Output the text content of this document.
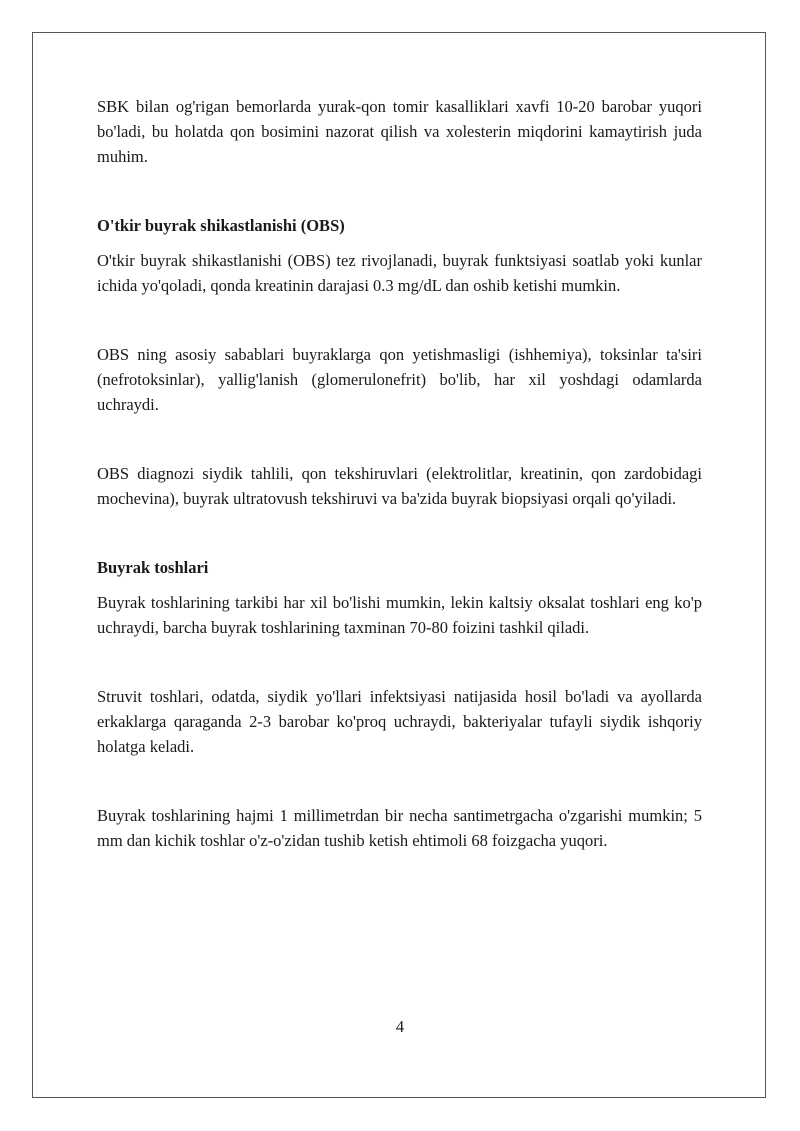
SBK bilan og'rigan bemorlarda yurak-qon tomir kasalliklari xavfi 10-20 barobar yuqori bo'ladi, bu holatda qon bosimini nazorat qilish va xolesterin miqdorini kamaytirish juda muhim.

O'tkir buyrak shikastlanishi (OBS)

O'tkir buyrak shikastlanishi (OBS) tez rivojlanadi, buyrak funktsiyasi soatlab yoki kunlar ichida yo'qoladi, qonda kreatinin darajasi 0.3 mg/dL dan oshib ketishi mumkin.

OBS ning asosiy sabablari buyraklarga qon yetishmasligi (ishhemiya), toksinlar ta'siri (nefrotoksinlar), yallig'lanish (glomerulonefrit) bo'lib, har xil yoshdagi odamlarda uchraydi.

OBS diagnozi siydik tahlili, qon tekshiruvlari (elektrolitlar, kreatinin, qon zardobidagi mochevina), buyrak ultratovush tekshiruvi va ba'zida buyrak biopsiyasi orqali qo'yiladi.

Buyrak toshlari

Buyrak toshlarining tarkibi har xil bo'lishi mumkin, lekin kaltsiy oksalat toshlari eng ko'p uchraydi, barcha buyrak toshlarining taxminan 70-80 foizini tashkil qiladi.

Struvit toshlari, odatda, siydik yo'llari infektsiyasi natijasida hosil bo'ladi va ayollarda erkaklarga qaraganda 2-3 barobar ko'proq uchraydi, bakteriyalar tufayli siydik ishqoriy holatga keladi.

Buyrak toshlarining hajmi 1 millimetrdan bir necha santimetrgacha o'zgarishi mumkin; 5 mm dan kichik toshlar o'z-o'zidan tushib ketish ehtimoli 68 foizgacha yuqori.

4
